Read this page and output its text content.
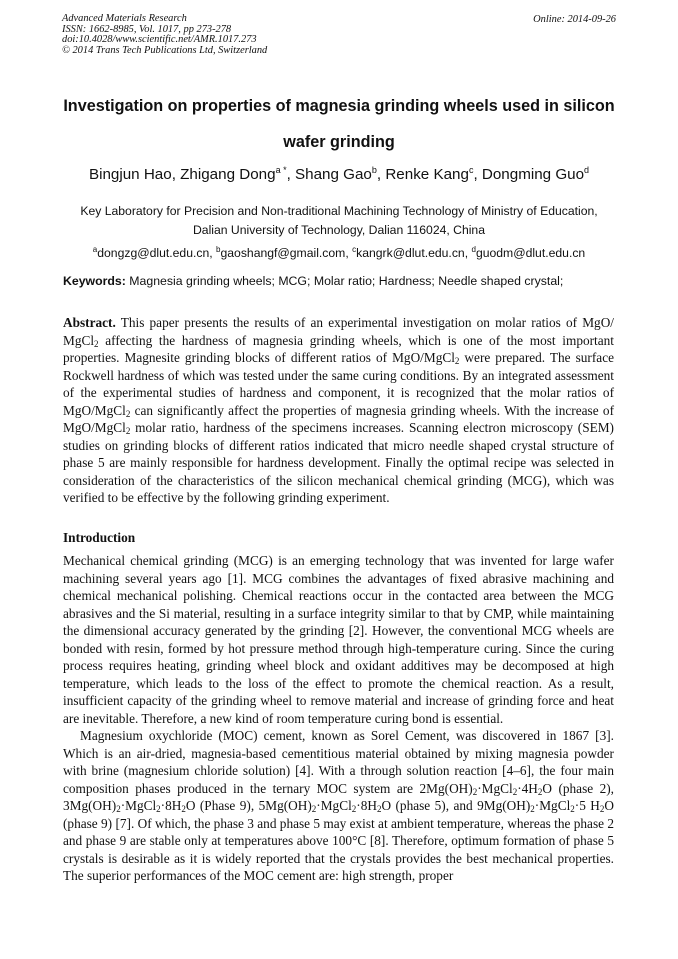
Advanced Materials Research
ISSN: 1662-8985, Vol. 1017, pp 273-278
doi:10.4028/www.scientific.net/AMR.1017.273
© 2014 Trans Tech Publications Ltd, Switzerland
Online: 2014-09-26
Investigation on properties of magnesia grinding wheels used in silicon
wafer grinding
Bingjun Hao, Zhigang Dong$^{a *}$, Shang Gao$^b$, Renke Kang$^c$, Dongming Guo$^d$
Key Laboratory for Precision and Non-traditional Machining Technology of Ministry of Education,
Dalian University of Technology, Dalian 116024, China
$^a$dongzg@dlut.edu.cn, $^b$gaoshangf@gmail.com, $^c$kangrk@dlut.edu.cn, $^d$guodm@dlut.edu.cn
Keywords: Magnesia grinding wheels; MCG; Molar ratio; Hardness; Needle shaped crystal;
Abstract. This paper presents the results of an experimental investigation on molar ratios of MgO/ MgCl$_2$ affecting the hardness of magnesia grinding wheels, which is one of the most important properties. Magnesite grinding blocks of different ratios of MgO/MgCl$_2$ were prepared. The surface Rockwell hardness of which was tested under the same curing conditions. By an integrated assessment of the experimental studies of hardness and component, it is recognized that the molar ratios of MgO/MgCl$_2$ can significantly affect the properties of magnesia grinding wheels. With the increase of MgO/MgCl$_2$ molar ratio, hardness of the specimens increases. Scanning electron microscopy (SEM) studies on grinding blocks of different ratios indicated that micro needle shaped crystal structure of phase 5 are mainly responsible for hardness development. Finally the optimal recipe was selected in consideration of the characteristics of the silicon mechanical chemical grinding (MCG), which was verified to be effective by the following grinding experiment.
Introduction

Mechanical chemical grinding (MCG) is an emerging technology that was invented for large wafer machining several years ago [1]. MCG combines the advantages of fixed abrasive machining and chemical mechanical polishing. Chemical reactions occur in the contacted area between the MCG abrasives and the Si material, resulting in a surface integrity similar to that by CMP, while maintaining the dimensional accuracy generated by the grinding [2]. However, the conventional MCG wheels are bonded with resin, formed by hot pressure method through high-temperature curing. Since the curing process requires heating, grinding wheel block and oxidant additives may be decomposed at high temperature, which leads to the loss of the effect to promote the chemical reaction. As a result, insufficient capacity of the grinding wheel to remove material and increase of grinding force and heat are inevitable. Therefore, a new kind of room temperature curing bond is essential.

Magnesium oxychloride (MOC) cement, known as Sorel Cement, was discovered in 1867 [3]. Which is an air-dried, magnesia-based cementitious material obtained by mixing magnesia powder with brine (magnesium chloride solution) [4]. With a through solution reaction [4–6], the four main composition phases produced in the ternary MOC system are $2Mg(OH)_2\cdot MgCl_2\cdot 4H_2O$ (phase 2), $3Mg(OH)_2\cdot MgCl_2\cdot 8H_2O$ (Phase 9), $5Mg(OH)_2\cdot MgCl_2\cdot 8H_2O$ (phase 5), and $9Mg(OH)_2\cdot MgCl_2\cdot 5$ $H_2O$ (phase 9) [7]. Of which, the phase 3 and phase 5 may exist at ambient temperature, whereas the phase 2 and phase 9 are stable only at temperatures above 100°C [8]. Therefore, optimum formation of phase 5 crystals is desirable as it is widely reported that the crystals provides the best mechanical properties. The superior performances of the MOC cement are: high strength, proper
